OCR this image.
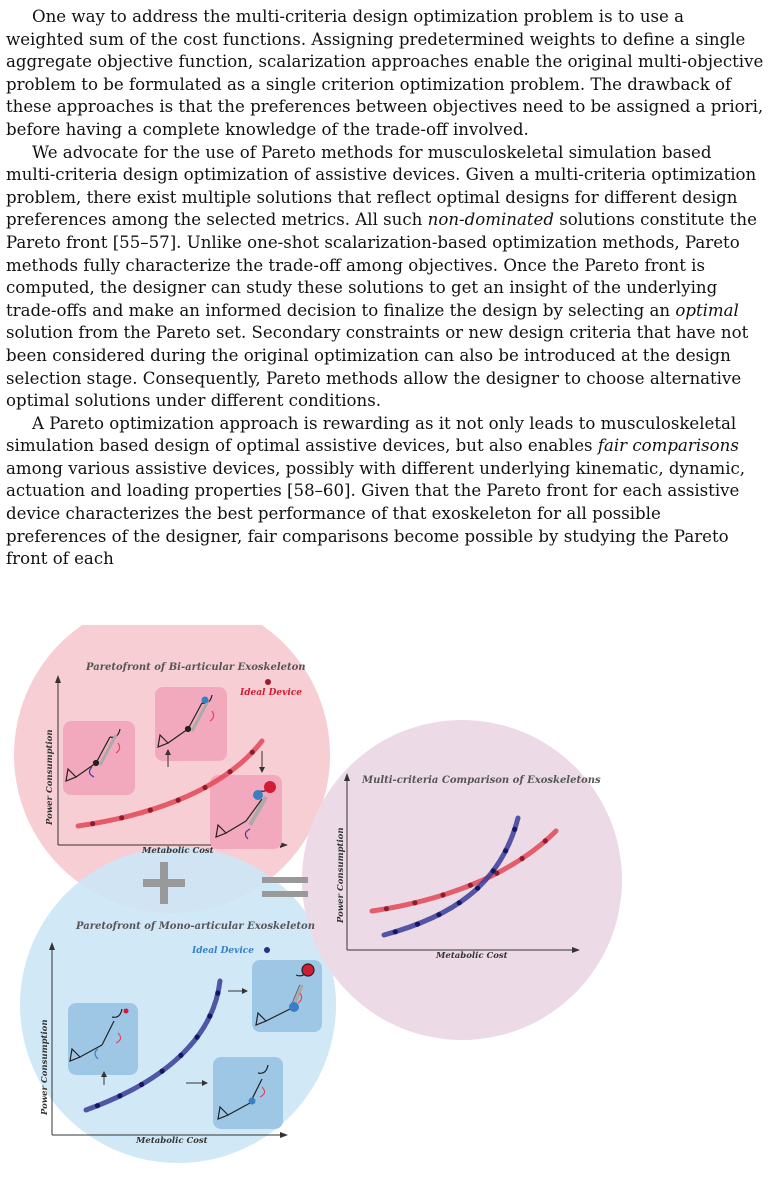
One way to address the multi-criteria design optimization problem is to use a weighted sum of the cost functions. Assigning predetermined weights to define a single aggregate objective function, scalarization approaches enable the original multi-objective problem to be formulated as a single criterion optimization problem. The drawback of these approaches is that the preferences between objectives need to be assigned a priori, before having a complete knowledge of the trade-off involved.

We advocate for the use of Pareto methods for musculoskeletal simulation based multi-criteria design optimization of assistive devices. Given a multi-criteria optimization problem, there exist multiple solutions that reflect optimal designs for different design preferences among the selected metrics. All such non-dominated solutions constitute the Pareto front [55–57]. Unlike one-shot scalarization-based optimization methods, Pareto methods fully characterize the trade-off among objectives. Once the Pareto front is computed, the designer can study these solutions to get an insight of the underlying trade-offs and make an informed decision to finalize the design by selecting an optimal solution from the Pareto set. Secondary constraints or new design criteria that have not been considered during the original optimization can also be introduced at the design selection stage. Consequently, Pareto methods allow the designer to choose alternative optimal solutions under different conditions.

A Pareto optimization approach is rewarding as it not only leads to musculoskeletal simulation based design of optimal assistive devices, but also enables fair comparisons among various assistive devices, possibly with different underlying kinematic, dynamic, actuation and loading properties [58–60]. Given that the Pareto front for each assistive device characterizes the best performance of that exoskeleton for all possible preferences of the designer, fair comparisons become possible by studying the Pareto front of each

Paretofront of Bi-articular Exoskeleton
Metabolic Cost
Power Consumption
Ideal Device
Paretofront of Mono-articular Exoskeleton
Metabolic Cost
Power Consumption
Ideal Device
Multi-criteria Comparison of Exoskeletons
Metabolic Cost
Power Consumption
